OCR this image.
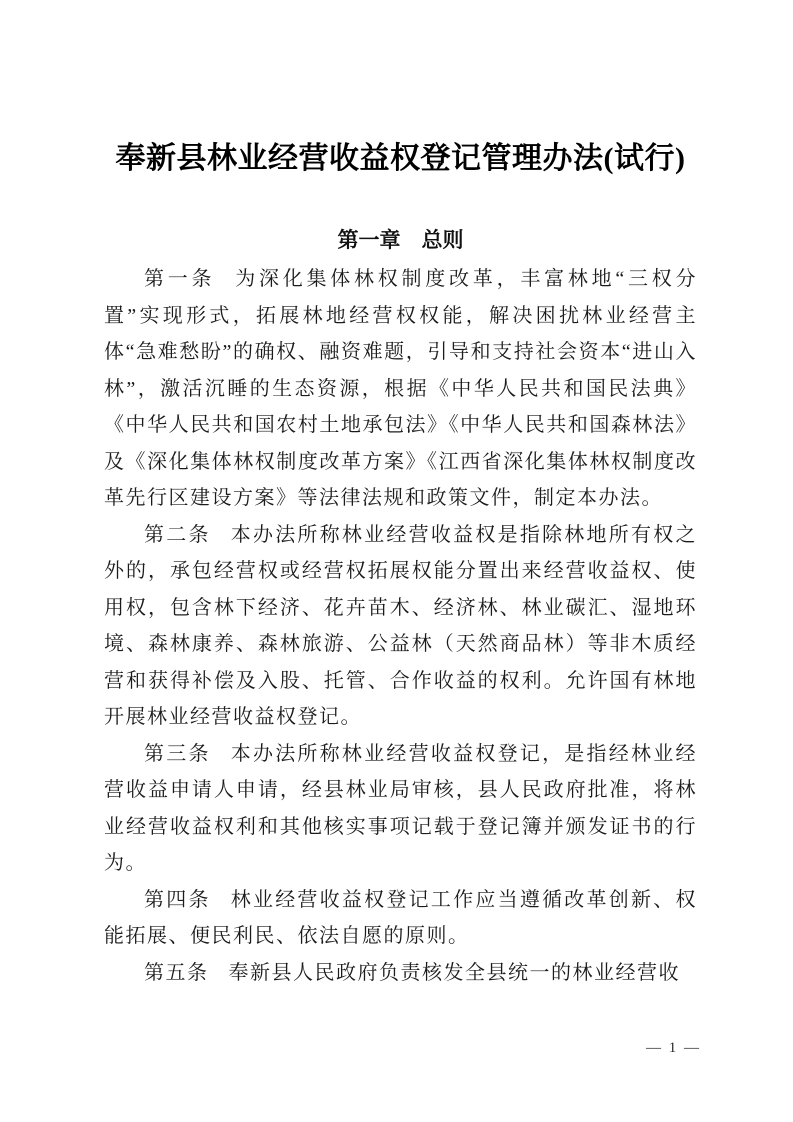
奉新县林业经营收益权登记管理办法(试行)
第一章 总则

第一条 为深化集体林权制度改革，丰富林地“三权分置”实现形式，拓展林地经营权权能，解决困扰林业经营主体“急难愁盼”的确权、融资难题，引导和支持社会资本“进山入林”，激活沉睡的生态资源，根据《中华人民共和国民法典》《中华人民共和国农村土地承包法》《中华人民共和国森林法》及《深化集体林权制度改革方案》《江西省深化集体林权制度改革先行区建设方案》等法律法规和政策文件，制定本办法。

第二条 本办法所称林业经营收益权是指除林地所有权之外的，承包经营权或经营权拓展权能分置出来经营收益权、使用权，包含林下经济、花卉苗木、经济林、林业碳汇、湿地环境、森林康养、森林旅游、公益林（天然商品林）等非木质经营和获得补偿及入股、托管、合作收益的权利。允许国有林地开展林业经营收益权登记。

第三条 本办法所称林业经营收益权登记，是指经林业经营收益申请人申请，经县林业局审核，县人民政府批准，将林业经营收益权利和其他核实事项记载于登记簿并颁发证书的行为。

第四条 林业经营收益权登记工作应当遵循改革创新、权能拓展、便民利民、依法自愿的原则。

第五条 奉新县人民政府负责核发全县统一的林业经营收

— 1 —
